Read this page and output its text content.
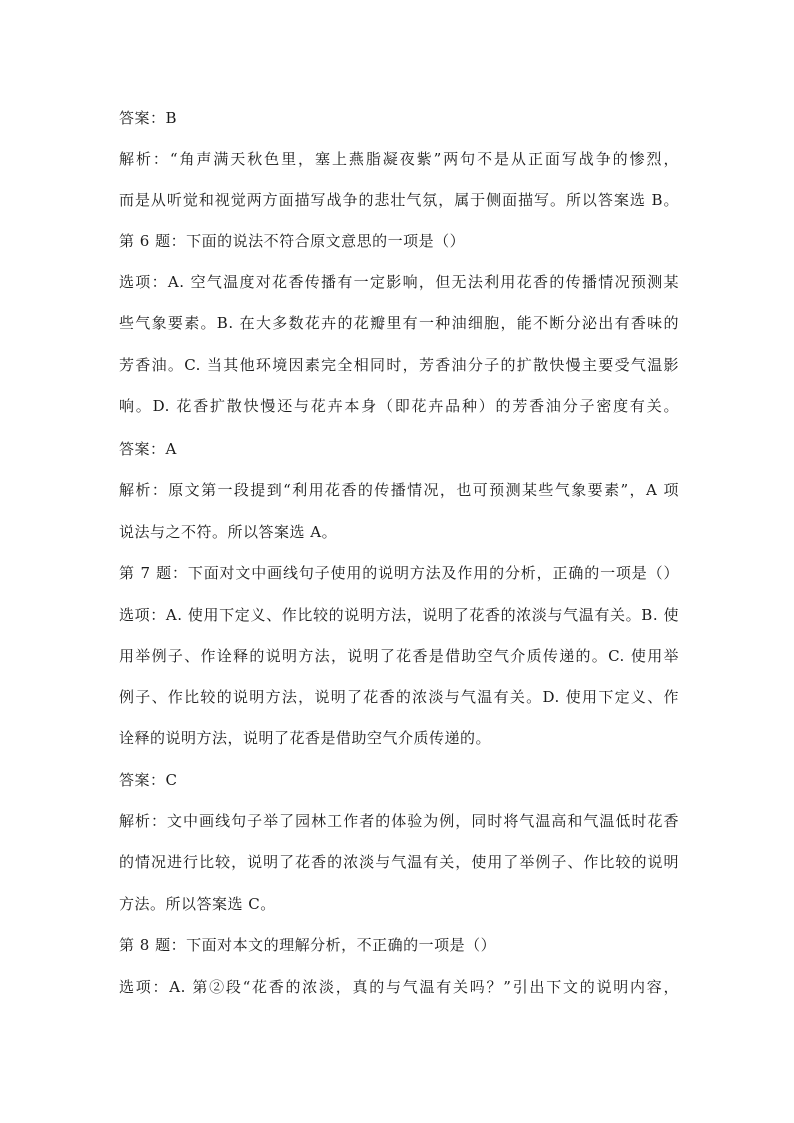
答案：B
解析：“角声满天秋色里，塞上燕脂凝夜紫”两句不是从正面写战争的惨烈，
而是从听觉和视觉两方面描写战争的悲壮气氛，属于侧面描写。所以答案选 B。
第 6 题：下面的说法不符合原文意思的一项是（）
选项：A. 空气温度对花香传播有一定影响，但无法利用花香的传播情况预测某
些气象要素。B. 在大多数花卉的花瓣里有一种油细胞，能不断分泌出有香味的
芳香油。C. 当其他环境因素完全相同时，芳香油分子的扩散快慢主要受气温影
响。D. 花香扩散快慢还与花卉本身（即花卉品种）的芳香油分子密度有关。
答案：A
解析：原文第一段提到“利用花香的传播情况，也可预测某些气象要素”，A 项
说法与之不符。所以答案选 A。
第 7 题：下面对文中画线句子使用的说明方法及作用的分析，正确的一项是（）
选项：A. 使用下定义、作比较的说明方法，说明了花香的浓淡与气温有关。B. 使
用举例子、作诠释的说明方法，说明了花香是借助空气介质传递的。C. 使用举
例子、作比较的说明方法，说明了花香的浓淡与气温有关。D. 使用下定义、作
诠释的说明方法，说明了花香是借助空气介质传递的。
答案：C
解析：文中画线句子举了园林工作者的体验为例，同时将气温高和气温低时花香
的情况进行比较，说明了花香的浓淡与气温有关，使用了举例子、作比较的说明
方法。所以答案选 C。
第 8 题：下面对本文的理解分析，不正确的一项是（）
选项：A. 第②段“花香的浓淡，真的与气温有关吗？”引出下文的说明内容，
